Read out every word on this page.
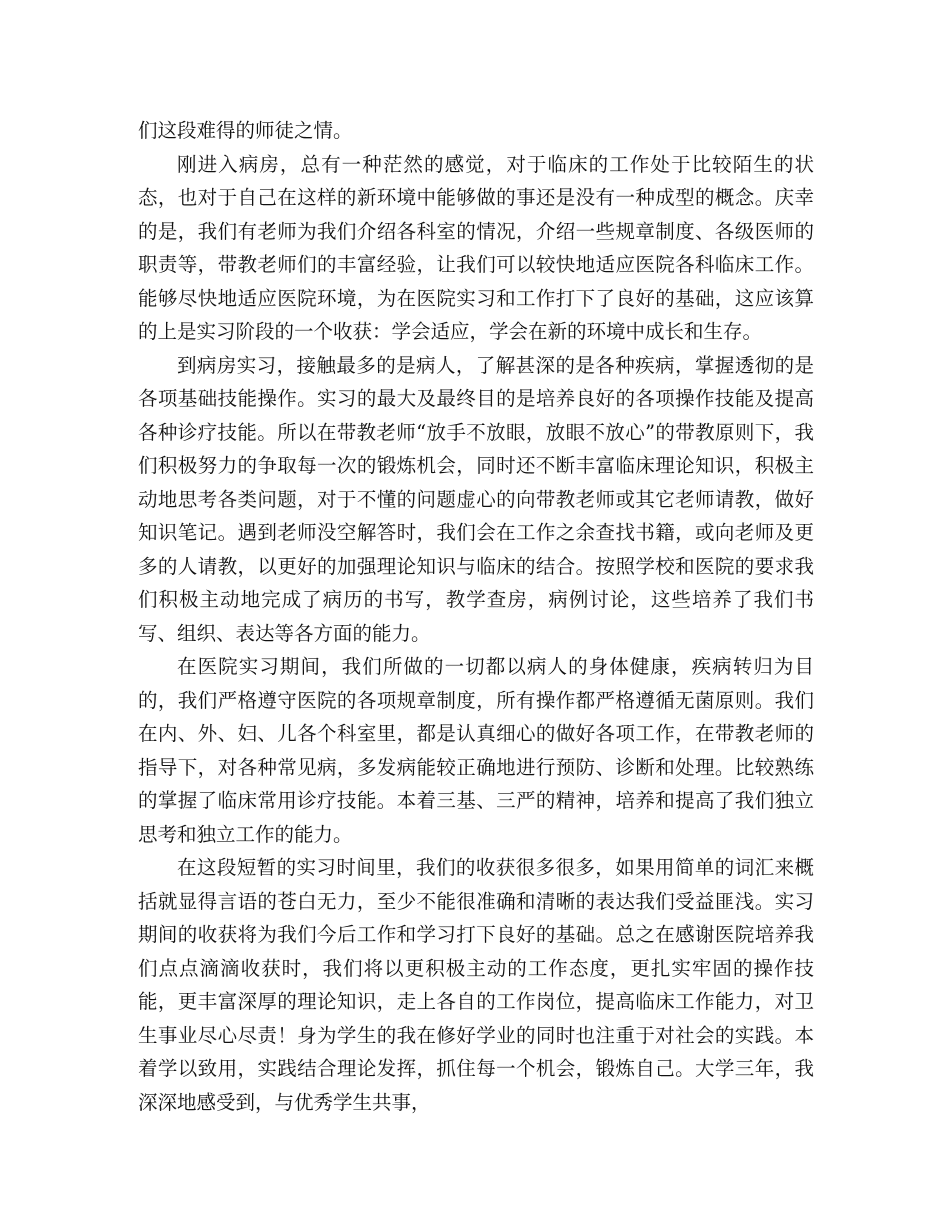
们这段难得的师徒之情。

刚进入病房，总有一种茫然的感觉，对于临床的工作处于比较陌生的状态，也对于自己在这样的新环境中能够做的事还是没有一种成型的概念。庆幸的是，我们有老师为我们介绍各科室的情况，介绍一些规章制度、各级医师的职责等，带教老师们的丰富经验，让我们可以较快地适应医院各科临床工作。能够尽快地适应医院环境，为在医院实习和工作打下了良好的基础，这应该算的上是实习阶段的一个收获：学会适应，学会在新的环境中成长和生存。

到病房实习，接触最多的是病人，了解甚深的是各种疾病，掌握透彻的是各项基础技能操作。实习的最大及最终目的是培养良好的各项操作技能及提高各种诊疗技能。所以在带教老师“放手不放眼，放眼不放心”的带教原则下，我们积极努力的争取每一次的锻炼机会，同时还不断丰富临床理论知识，积极主动地思考各类问题，对于不懂的问题虚心的向带教老师或其它老师请教，做好知识笔记。遇到老师没空解答时，我们会在工作之余查找书籍，或向老师及更多的人请教，以更好的加强理论知识与临床的结合。按照学校和医院的要求我们积极主动地完成了病历的书写，教学查房，病例讨论，这些培养了我们书写、组织、表达等各方面的能力。

在医院实习期间，我们所做的一切都以病人的身体健康，疾病转归为目的，我们严格遵守医院的各项规章制度，所有操作都严格遵循无菌原则。我们在内、外、妇、儿各个科室里，都是认真细心的做好各项工作，在带教老师的指导下，对各种常见病，多发病能较正确地进行预防、诊断和处理。比较熟练的掌握了临床常用诊疗技能。本着三基、三严的精神，培养和提高了我们独立思考和独立工作的能力。

在这段短暂的实习时间里，我们的收获很多很多，如果用简单的词汇来概括就显得言语的苍白无力，至少不能很准确和清晰的表达我们受益匪浅。实习期间的收获将为我们今后工作和学习打下良好的基础。总之在感谢医院培养我们点点滴滴收获时，我们将以更积极主动的工作态度，更扎实牢固的操作技能，更丰富深厚的理论知识，走上各自的工作岗位，提高临床工作能力，对卫生事业尽心尽责！身为学生的我在修好学业的同时也注重于对社会的实践。本着学以致用，实践结合理论发挥，抓住每一个机会，锻炼自己。大学三年，我深深地感受到，与优秀学生共事，
